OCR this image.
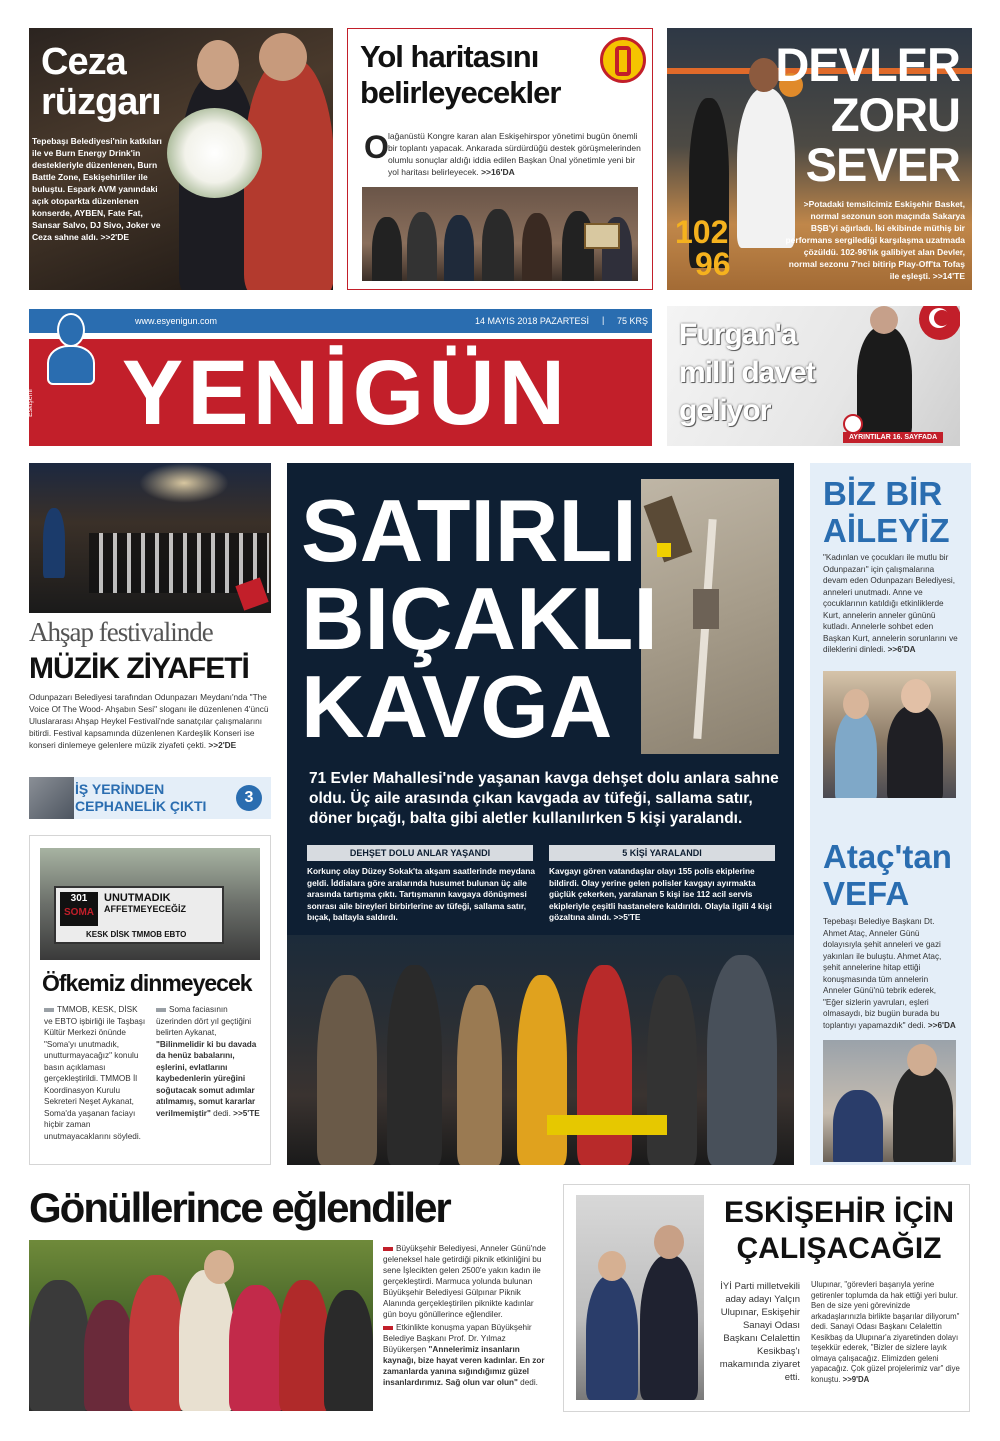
Ceza
rüzgarı
Tepebaşı Belediyesi'nin katkıları ile ve Burn Energy Drink'in destekleriyle düzenlenen, Burn Battle Zone, Eskişehirliler ile buluştu. Espark AVM yanındaki açık otoparkta düzenlenen konserde, AYBEN, Fate Fat, Sansar Salvo, DJ Sivo, Joker ve Ceza sahne aldı. >>2'DE
Yol haritasını
belirleyecekler
O lağanüstü Kongre karan alan Eskişehirspor yönetimi bugün önemli bir toplantı yapacak. Ankarada sürdürdüğü destek görüşmelerinden olumlu sonuçlar aldığı iddia edilen Başkan Ünal yönetimle yeni bir yol haritası belirleyecek. >>16'DA
DEVLER
ZORU
SEVER
102
96
>Potadaki temsilcimiz Eskişehir Basket, normal sezonun son maçında Sakarya BŞB'yi ağırladı. İki ekibinde müthiş bir performans sergilediği karşılaşma uzatmada çözüldü. 102-96'lık galibiyet alan Devler, normal sezonu 7'nci bitirip Play-Off'ta Tofaş ile eşleşti. >>14'TE
www.esyenigun.com	14 MAYIS 2018 PAZARTESİ | 75 KRŞ
YENİGÜN
Eskişehir
Furgan'a
milli davet
geliyor
AYRINTILAR 16. SAYFADA
Ahşap festivalinde
MÜZİK ZİYAFETİ
Odunpazarı Belediyesi tarafından Odunpazarı Meydanı'nda "The Voice Of The Wood- Ahşabın Sesi" sloganı ile düzenlenen 4'üncü Uluslararası Ahşap Heykel Festivali'nde sanatçılar çalışmalarını bitirdi. Festival kapsamında düzenlenen Kardeşlik Konseri ise konseri dinlemeye gelenlere müzik ziyafeti çekti. >>2'DE
İŞ YERİNDEN
CEPHANELİK ÇIKTI	3
301
SOMA
UNUTMADIK
AFFETMEYECEĞİZ
KESK DİSK TMMOB EBTO
Öfkemiz dinmeyecek
TMMOB, KESK, DİSK ve EBTO işbirliği ile Taşbaşı Kültür Merkezi önünde "Soma'yı unutmadık, unutturmayacağız" konulu basın açıklaması gerçekleştirildi. TMMOB İl Koordinasyon Kurulu Sekreteri Neşet Aykanat, Soma'da yaşanan faciayı hiçbir zaman unutmayacaklarını söyledi.
Soma faciasının üzerinden dört yıl geçtiğini belirten Aykanat, "Bilinmelidir ki bu davada da henüz babalarını, eşlerini, evlatlarını kaybedenlerin yüreğini soğutacak somut adımlar atılmamış, somut kararlar verilmemiştir" dedi. >>5'TE
SATIRLI
BIÇAKLI
KAVGA
71 Evler Mahallesi'nde yaşanan kavga dehşet dolu anlara sahne oldu. Üç aile arasında çıkan kavgada av tüfeği, sallama satır, döner bıçağı, balta gibi aletler kullanılırken 5 kişi yaralandı.
DEHŞET DOLU ANLAR YAŞANDI	5 KİŞİ YARALANDI
Korkunç olay Düzey Sokak'ta akşam saatlerinde meydana geldi. İddialara göre aralarında husumet bulunan üç aile arasında tartışma çıktı. Tartışmanın kavgaya dönüşmesi sonrası aile bireyleri birbirlerine av tüfeği, sallama satır, bıçak, baltayla saldırdı.
Kavgayı gören vatandaşlar olayı 155 polis ekiplerine bildirdi. Olay yerine gelen polisler kavgayı ayırmakta güçlük çekerken, yaralanan 5 kişi ise 112 acil servis ekipleriyle çeşitli hastanelere kaldırıldı. Olayla ilgili 4 kişi gözaltına alındı. >>5'TE
BİZ BİR
AİLEYİZ
"Kadınlan ve çocukları ile mutlu bir Odunpazarı" için çalışmalarına devam eden Odunpazarı Belediyesi, anneleri unutmadı. Anne ve çocuklarının katıldığı etkinliklerde Kurt, annelerin anneler gününü kutladı. Annelerle sohbet eden Başkan Kurt, annelerin sorunlarını ve dileklerini dinledi. >>6'DA
Ataç'tan
VEFA
Tepebaşı Belediye Başkanı Dt. Ahmet Ataç, Anneler Günü dolayısıyla şehit anneleri ve gazi yakınları ile buluştu. Ahmet Ataç, şehit annelerine hitap ettiği konuşmasında tüm annelerin Anneler Günü'nü tebrik ederek, "Eğer sizlerin yavruları, eşleri olmasaydı, biz bugün burada bu toplantıyı yapamazdık" dedi. >>6'DA
Gönüllerince eğlendiler
Büyükşehir Belediyesi, Anneler Günü'nde geleneksel hale getirdiği piknik etkinliğini bu sene İşlecikten gelen 2500'e yakın kadın ile gerçekleştirdi. Marmuca yolunda bulunan Büyükşehir Belediyesi Gülpınar Piknik Alanında gerçekleştirilen piknikte kadınlar gün boyu gönüllerince eğlendiler.
Etkinlikte konuşma yapan Büyükşehir Belediye Başkanı Prof. Dr. Yılmaz Büyükerşen "Annelerimiz insanların kaynağı, bize hayat veren kadınlar. En zor zamanlarda yanına sığındığımız güzel insanlardırımız. Sağ olun var olun" dedi.
ESKİŞEHİR İÇİN
ÇALIŞACAĞIZ
İYİ Parti milletvekili aday adayı Yalçın Ulupınar, Eskişehir Sanayi Odası Başkanı Celalettin Kesikbaş'ı makamında ziyaret etti.
Ulupınar, "görevleri başarıyla yerine getirenler toplumda da hak ettiği yeri bulur. Ben de size yeni görevinizde arkadaşlarınızla birlikte başarılar diliyorum" dedi. Sanayi Odası Başkanı Celalettin Kesikbaş da Ulupınar'a ziyaretinden dolayı teşekkür ederek, "Bizler de sizlere layık olmaya çalışacağız. Elimizden geleni yapacağız. Çok güzel projelerimiz var" diye konuştu. >>9'DA
